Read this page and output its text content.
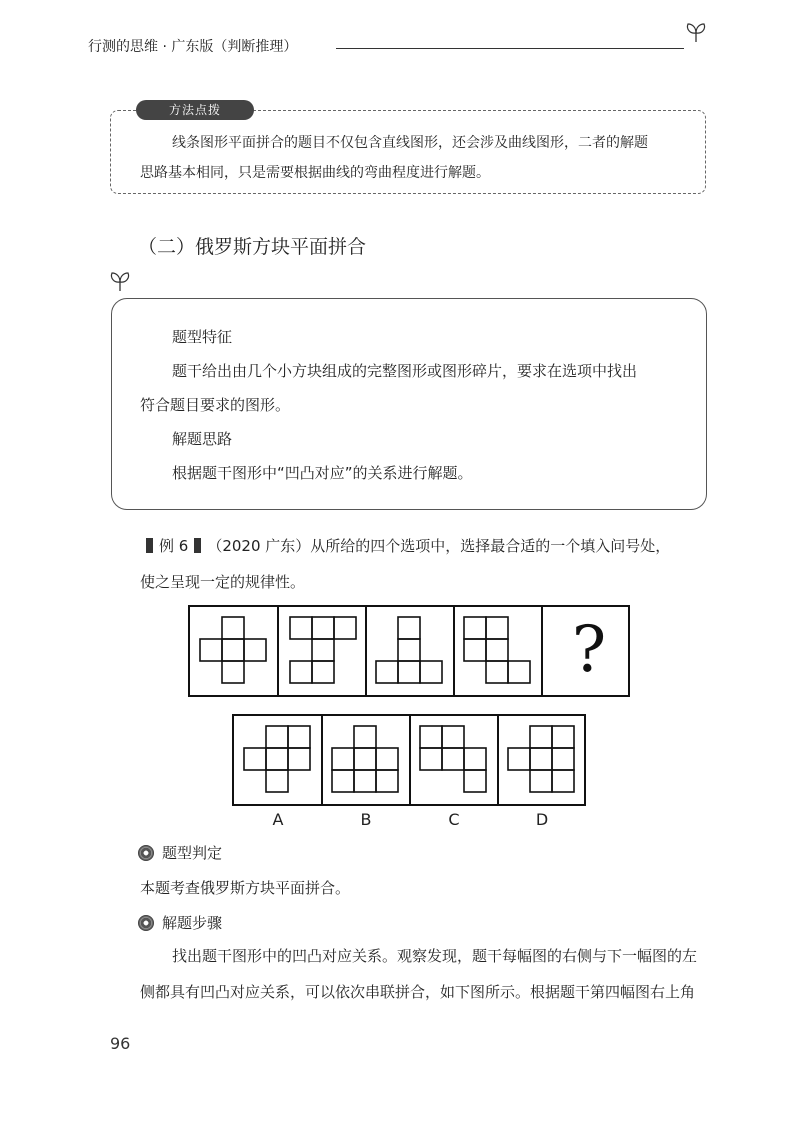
行测的思维 · 广东版（判断推理）
方法点拨

线条图形平面拼合的题目不仅包含直线图形，还会涉及曲线图形，二者的解题

思路基本相同，只是需要根据曲线的弯曲程度进行解题。

（二）俄罗斯方块平面拼合

题型特征

题干给出由几个小方块组成的完整图形或图形碎片，要求在选项中找出

符合题目要求的图形。

解题思路

根据题干图形中“凹凸对应”的关系进行解题。

例 6 （2020 广东）从所给的四个选项中，选择最合适的一个填入问号处，

使之呈现一定的规律性。

?
A	B	C	D
题型判定

本题考查俄罗斯方块平面拼合。

解题步骤

找出题干图形中的凹凸对应关系。观察发现，题干每幅图的右侧与下一幅图的左

侧都具有凹凸对应关系，可以依次串联拼合，如下图所示。根据题干第四幅图右上角

96
